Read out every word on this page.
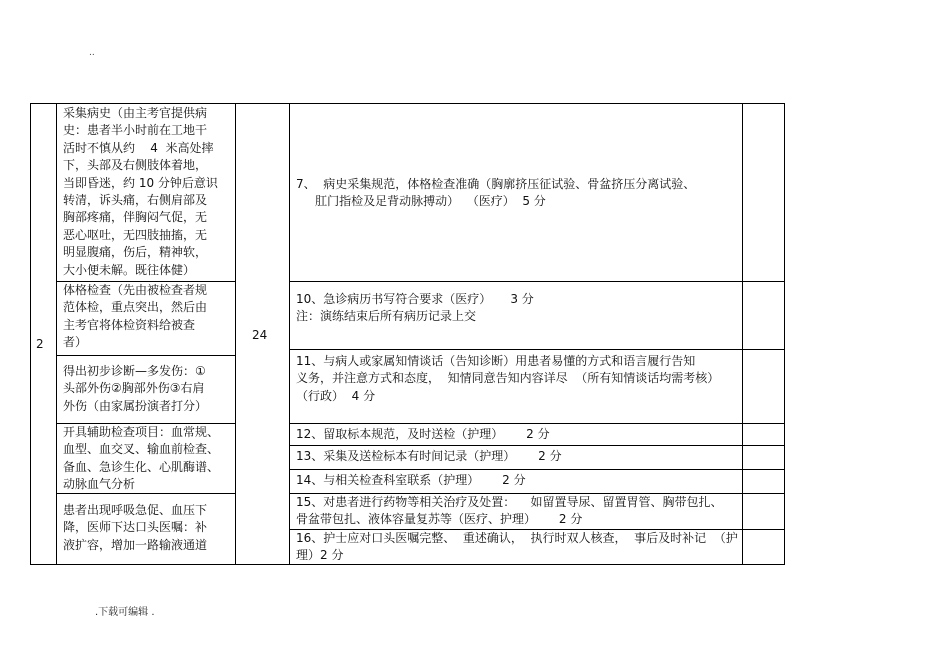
..
2
24
采集病史（由主考官提供病
史：患者半小时前在工地干
活时不慎从约    4  米高处摔
下，头部及右侧肢体着地，
当即昏迷，约 10 分钟后意识
转清，诉头痛，右侧肩部及
胸部疼痛，伴胸闷气促，无
恶心呕吐，无四肢抽搐，无
明显腹痛，伤后，精神软，
大小便未解。既往体健）
体格检查（先由被检查者规
范体检，重点突出，然后由
主考官将体检资料给被查
者）
得出初步诊断—多发伤：①
头部外伤②胸部外伤③右肩
外伤（由家属扮演者打分）
开具辅助检查项目：血常规、
血型、血交叉、输血前检查、
备血、急诊生化、心肌酶谱、
动脉血气分析
患者出现呼吸急促、血压下
降，医师下达口头医嘱：补
液扩容，增加一路输液通道
7、  病史采集规范，体格检查准确（胸廓挤压征试验、骨盆挤压分离试验、
肛门指检及足背动脉搏动）  （医疗）  5 分
10、急诊病历书写符合要求（医疗）     3 分
注：演练结束后所有病历记录上交
11、与病人或家属知情谈话（告知诊断）用患者易懂的方式和语言履行告知
义务，并注意方式和态度，  知情同意告知内容详尽  （所有知情谈话均需考核）
（行政）  4 分
12、留取标本规范，及时送检（护理）      2 分
13、采集及送检标本有时间记录（护理）      2 分
14、与相关检查科室联系（护理）      2 分
15、对患者进行药物等相关治疗及处置：    如留置导尿、留置胃管、胸带包扎、
骨盆带包扎、液体容量复苏等（医疗、护理）      2 分
16、护士应对口头医嘱完整、  重述确认，  执行时双人核查，  事后及时补记  （护
理）2 分
.下载可编辑 .
